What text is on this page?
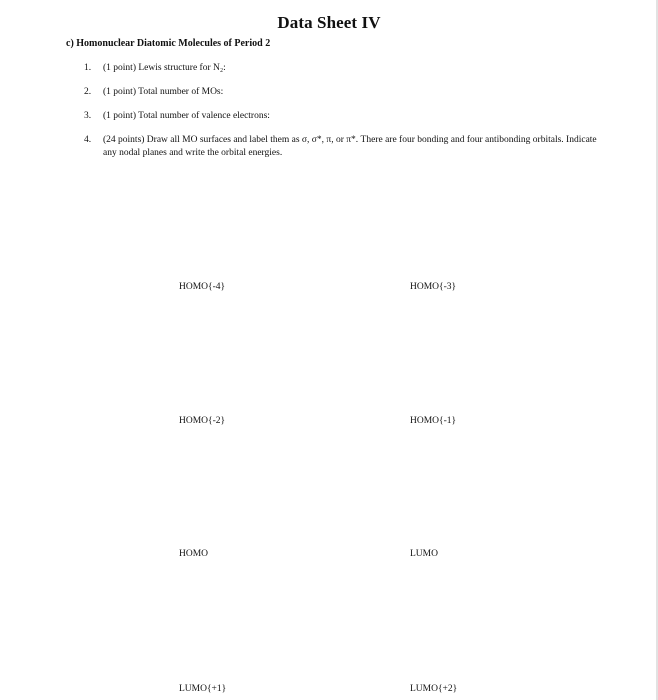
Data Sheet IV
c) Homonuclear Diatomic Molecules of Period 2
1. (1 point) Lewis structure for N₂:
2. (1 point) Total number of MOs:
3. (1 point) Total number of valence electrons:
4. (24 points) Draw all MO surfaces and label them as σ, σ*, π, or π*. There are four bonding and four antibonding orbitals. Indicate any nodal planes and write the orbital energies.
HOMO{-4}	HOMO{-3}
HOMO{-2}	HOMO{-1}
HOMO	LUMO
LUMO{+1}	LUMO{+2}
